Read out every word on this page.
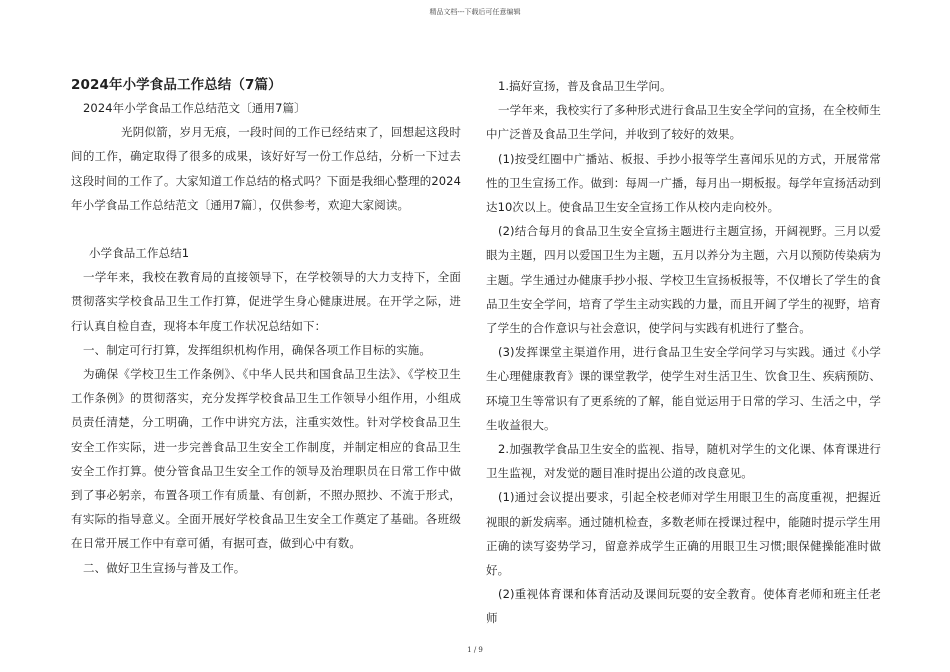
精品文档---下载后可任意编辑

2024年小学食品工作总结（7篇）

2024年小学食品工作总结范文〔通用7篇〕

光阴似箭，岁月无痕，一段时间的工作已经结束了，回想起这段时间的工作，确定取得了很多的成果，该好好写一份工作总结，分析一下过去这段时间的工作了。大家知道工作总结的格式吗？下面是我细心整理的2024年小学食品工作总结范文〔通用7篇〕，仅供参考，欢迎大家阅读。

小学食品工作总结1

一学年来，我校在教育局的直接领导下，在学校领导的大力支持下，全面贯彻落实学校食品卫生工作打算，促进学生身心健康进展。在开学之际，进行认真自检自查，现将本年度工作状况总结如下：

一、制定可行打算，发挥组织机构作用，确保各项工作目标的实施。

为确保《学校卫生工作条例》、《中华人民共和国食品卫生法》、《学校卫生工作条例》的贯彻落实，充分发挥学校食品卫生工作领导小组作用，小组成员责任清楚，分工明确，工作中讲究方法，注重实效性。针对学校食品卫生安全工作实际，进一步完善食品卫生安全工作制度，并制定相应的食品卫生安全工作打算。使分管食品卫生安全工作的领导及治理职员在日常工作中做到了事必躬亲，布置各项工作有质量、有创新，不照办照抄、不流于形式，有实际的指导意义。全面开展好学校食品卫生安全工作奠定了基础。各班级在日常开展工作中有章可循，有据可查，做到心中有数。

二、做好卫生宣扬与普及工作。

1.搞好宣扬，普及食品卫生学问。

一学年来，我校实行了多种形式进行食品卫生安全学问的宣扬，在全校师生中广泛普及食品卫生学问，并收到了较好的效果。

(1)按受红圈中广播站、板报、手抄小报等学生喜闻乐见的方式，开展常常性的卫生宣扬工作。做到：每周一广播，每月出一期板报。每学年宣扬活动到达10次以上。使食品卫生安全宣扬工作从校内走向校外。

(2)结合每月的食品卫生安全宣扬主题进行主题宣扬，开阔视野。三月以爱眼为主题，四月以爱国卫生为主题，五月以养分为主题，六月以预防传染病为主题。学生通过办健康手抄小报、学校卫生宣扬板报等，不仅增长了学生的食品卫生安全学问，培育了学生主动实践的力量，而且开阔了学生的视野，培育了学生的合作意识与社会意识，使学问与实践有机进行了整合。

(3)发挥课堂主渠道作用，进行食品卫生安全学问学习与实践。通过《小学生心理健康教育》课的课堂教学，使学生对生活卫生、饮食卫生、疾病预防、环境卫生等常识有了更系统的了解，能自觉运用于日常的学习、生活之中，学生收益很大。

2.加强教学食品卫生安全的监视、指导，随机对学生的文化课、体育课进行卫生监视，对发觉的题目准时提出公道的改良意见。

(1)通过会议提出要求，引起全校老师对学生用眼卫生的高度重视，把握近视眼的新发病率。通过随机检查，多数老师在授课过程中，能随时提示学生用正确的读写姿势学习，留意养成学生正确的用眼卫生习惯;眼保健操能准时做好。

(2)重视体育课和体育活动及课间玩耍的安全教育。使体育老师和班主任老师

1 / 9
